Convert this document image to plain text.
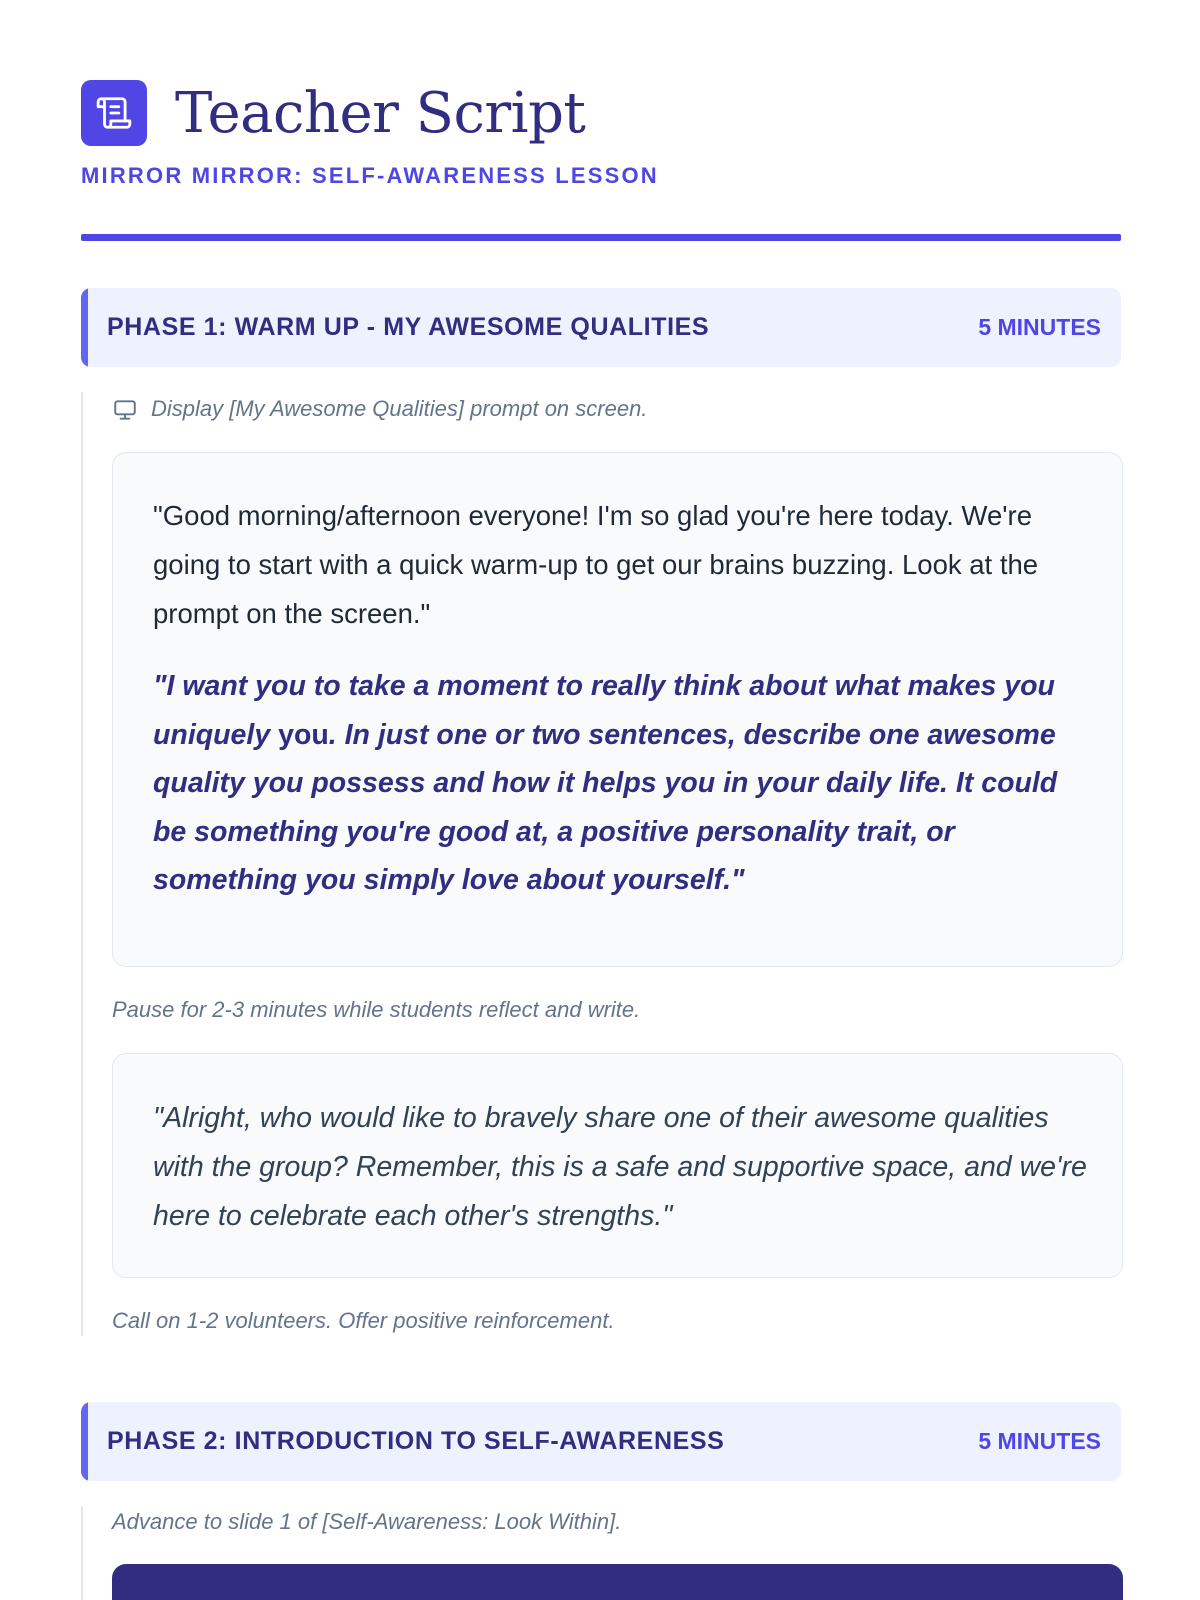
Teacher Script
MIRROR MIRROR: SELF-AWARENESS LESSON
PHASE 1: WARM UP - MY AWESOME QUALITIES	5 MINUTES
Display [My Awesome Qualities] prompt on screen.
"Good morning/afternoon everyone! I'm so glad you're here today. We're going to start with a quick warm-up to get our brains buzzing. Look at the prompt on the screen."
"I want you to take a moment to really think about what makes you uniquely you. In just one or two sentences, describe one awesome quality you possess and how it helps you in your daily life. It could be something you're good at, a positive personality trait, or something you simply love about yourself."
Pause for 2-3 minutes while students reflect and write.
"Alright, who would like to bravely share one of their awesome qualities with the group? Remember, this is a safe and supportive space, and we're here to celebrate each other's strengths."
Call on 1-2 volunteers. Offer positive reinforcement.
PHASE 2: INTRODUCTION TO SELF-AWARENESS	5 MINUTES
Advance to slide 1 of [Self-Awareness: Look Within].
